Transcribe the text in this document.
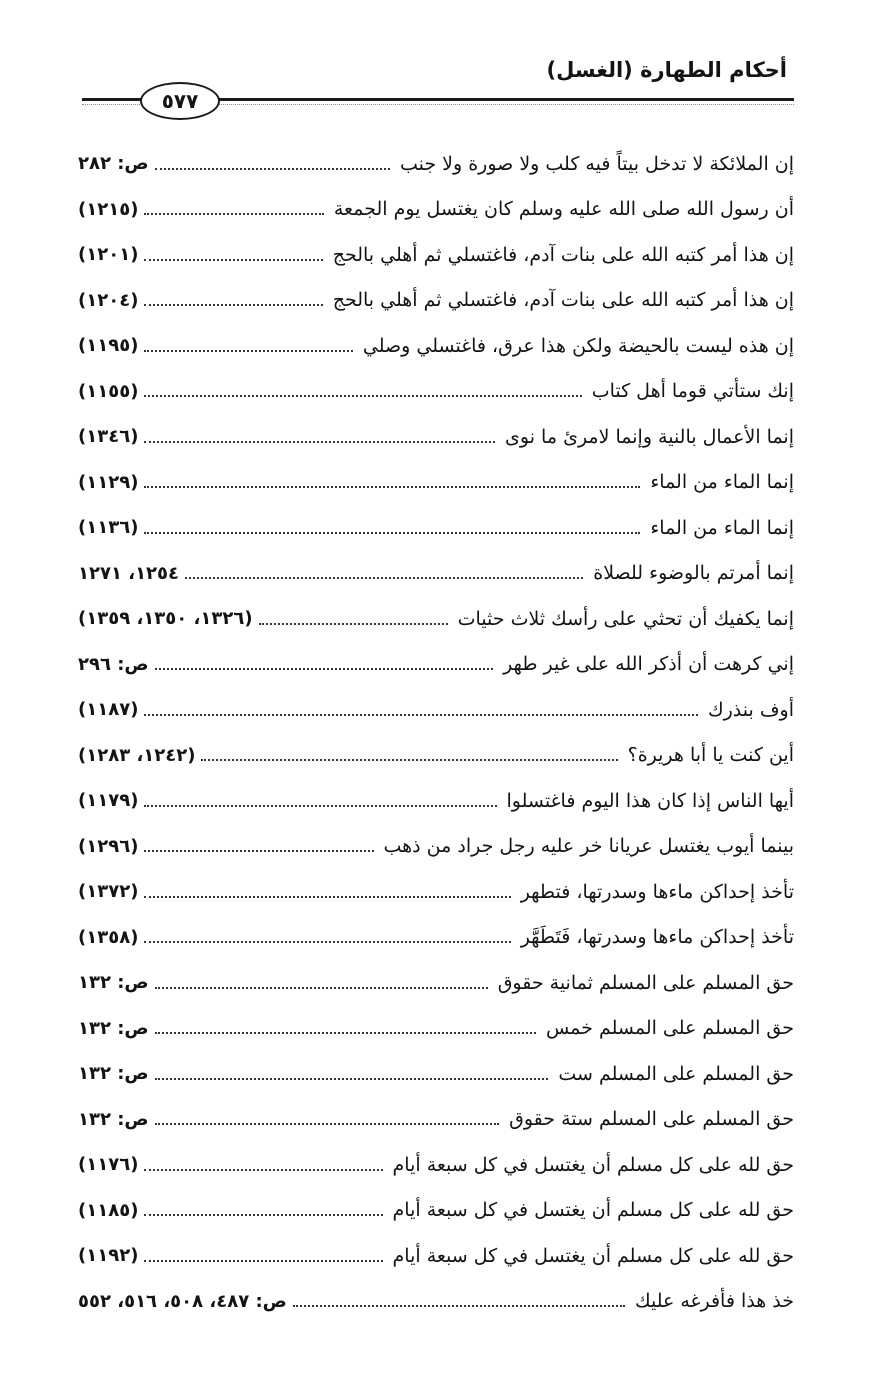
أحكام الطهارة (الغسل)
٥٧٧
إن الملائكة لا تدخل بيتاً فيه كلب ولا صورة ولا جنب
ص: ٢٨٢
أن رسول الله صلى الله عليه وسلم كان يغتسل يوم الجمعة
(١٢١٥)
إن هذا أمر كتبه الله على بنات آدم، فاغتسلي ثم أهلي بالحج
(١٢٠١)
إن هذا أمر كتبه الله على بنات آدم، فاغتسلي ثم أهلي بالحج
(١٢٠٤)
إن هذه ليست بالحيضة ولكن هذا عرق، فاغتسلي وصلي
(١١٩٥)
إنك ستأتي قوما أهل كتاب
(١١٥٥)
إنما الأعمال بالنية وإنما لامرئ ما نوى
(١٣٤٦)
إنما الماء من الماء
(١١٢٩)
إنما الماء من الماء
(١١٣٦)
إنما أمرتم بالوضوء للصلاة
١٢٥٤، ١٢٧١
إنما يكفيك أن تحثي على رأسك ثلاث حثيات
(١٣٢٦، ١٣٥٠، ١٣٥٩)
إني كرهت أن أذكر الله على غير طهر
ص: ٢٩٦
أوف بنذرك
(١١٨٧)
أين كنت يا أبا هريرة؟
(١٢٤٢، ١٢٨٣)
أيها الناس إذا كان هذا اليوم فاغتسلوا
(١١٧٩)
بينما أيوب يغتسل عريانا خر عليه رجل جراد من ذهب
(١٢٩٦)
تأخذ إحداكن ماءها وسدرتها، فتطهر
(١٣٧٢)
تأخذ إحداكن ماءها وسدرتها، فَتَطَهَّر
(١٣٥٨)
حق المسلم على المسلم ثمانية حقوق
ص: ١٣٢
حق المسلم على المسلم خمس
ص: ١٣٢
حق المسلم على المسلم ست
ص: ١٣٢
حق المسلم على المسلم ستة حقوق
ص: ١٣٢
حق لله على كل مسلم أن يغتسل في كل سبعة أيام
(١١٧٦)
حق لله على كل مسلم أن يغتسل في كل سبعة أيام
(١١٨٥)
حق لله على كل مسلم أن يغتسل في كل سبعة أيام
(١١٩٢)
خذ هذا فأفرغه عليك
ص: ٤٨٧، ٥٠٨، ٥١٦، ٥٥٢
